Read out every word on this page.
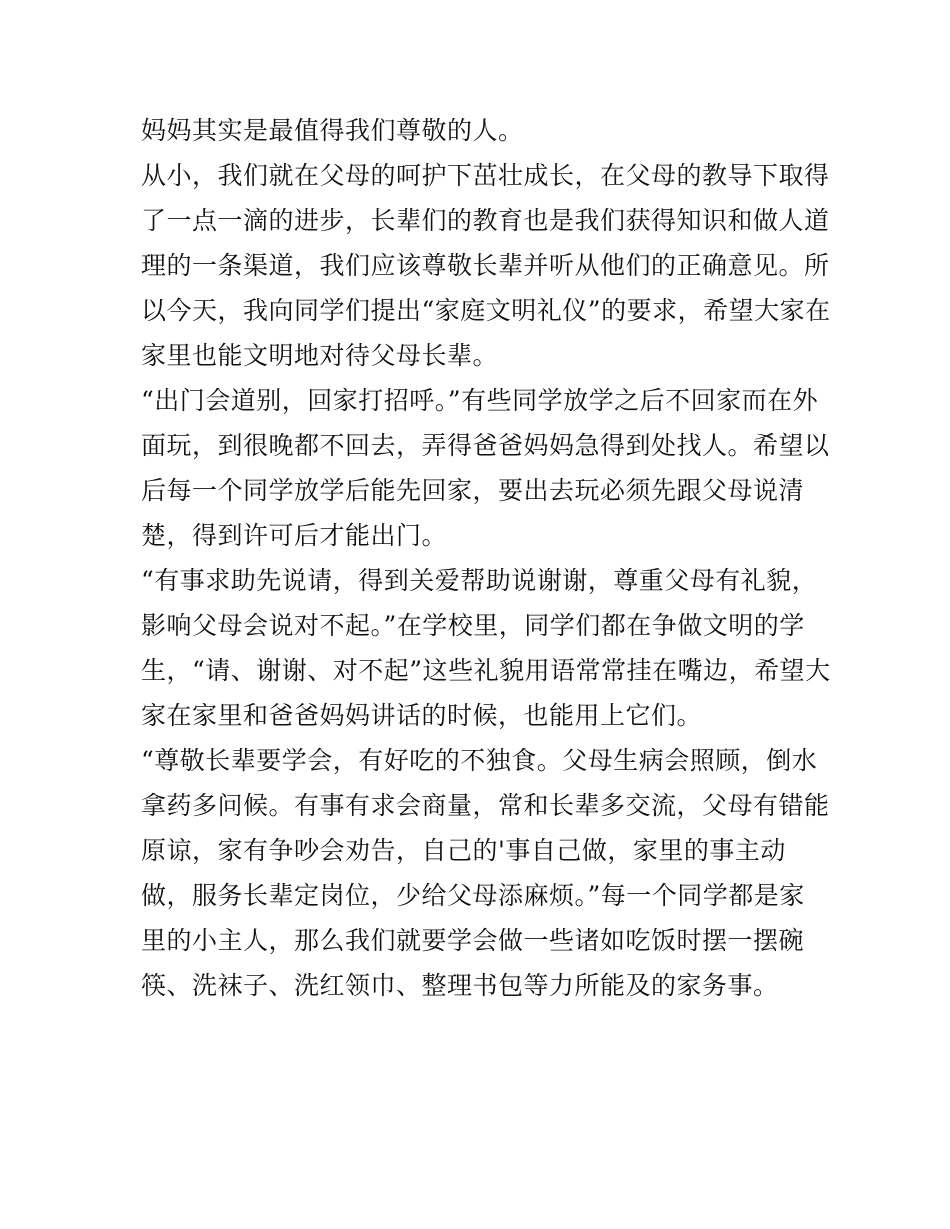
妈妈其实是最值得我们尊敬的人。
从小，我们就在父母的呵护下茁壮成长，在父母的教导下取得
了一点一滴的进步，长辈们的教育也是我们获得知识和做人道
理的一条渠道，我们应该尊敬长辈并听从他们的正确意见。所
以今天，我向同学们提出“家庭文明礼仪”的要求，希望大家在
家里也能文明地对待父母长辈。
“出门会道别，回家打招呼。”有些同学放学之后不回家而在外
面玩，到很晚都不回去，弄得爸爸妈妈急得到处找人。希望以
后每一个同学放学后能先回家，要出去玩必须先跟父母说清
楚，得到许可后才能出门。
“有事求助先说请，得到关爱帮助说谢谢，尊重父母有礼貌，
影响父母会说对不起。”在学校里，同学们都在争做文明的学
生，“请、谢谢、对不起”这些礼貌用语常常挂在嘴边，希望大
家在家里和爸爸妈妈讲话的时候，也能用上它们。
“尊敬长辈要学会，有好吃的不独食。父母生病会照顾，倒水
拿药多问候。有事有求会商量，常和长辈多交流，父母有错能
原谅，家有争吵会劝告，自己的'事自己做，家里的事主动
做，服务长辈定岗位，少给父母添麻烦。”每一个同学都是家
里的小主人，那么我们就要学会做一些诸如吃饭时摆一摆碗
筷、洗袜子、洗红领巾、整理书包等力所能及的家务事。
